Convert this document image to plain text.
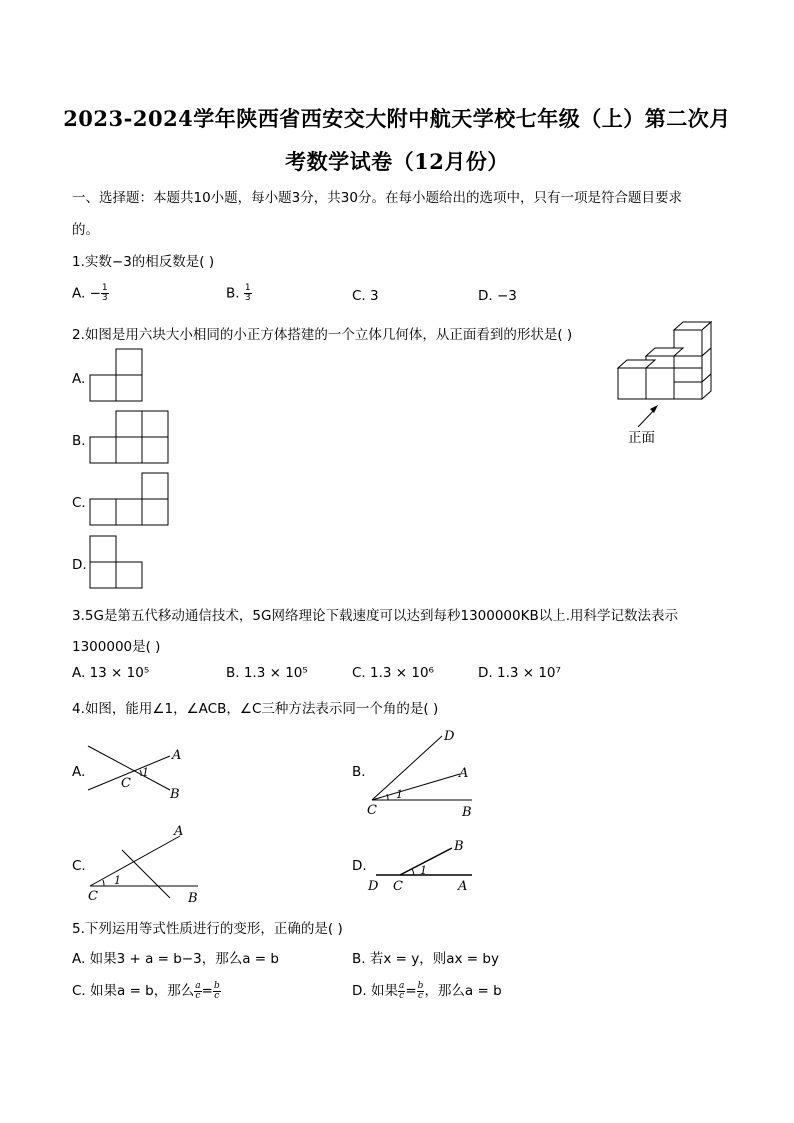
2023-2024学年陕西省西安交大附中航天学校七年级（上）第二次月
考数学试卷（12月份）
一、选择题：本题共10小题，每小题3分，共30分。在每小题给出的选项中，只有一项是符合题目要求
的。
1.实数−3的相反数是( )
A. − $\frac{1}{3}$	B. $\frac{1}{3}$	C. 3	D. −3
2.如图是用六块大小相同的小正方体搭建的一个立体几何体，从正面看到的形状是( )
A.
B.
C.
D.
正面
3.5G是第五代移动通信技术，5G网络理论下载速度可以达到每秒1300000KB以上.用科学记数法表示
1300000是( )
A. 13 × 10⁵	B. 1.3 × 10⁵	C. 1.3 × 10⁶	D. 1.3 × 10⁷
4.如图，能用∠1，∠ACB，∠C三种方法表示同一个角的是( )
A.
A
B
C
1	B.
D
A
B
C
1
C.
A
B
C
1
D.
B
A
C
D
1
5.下列运用等式性质进行的变形，正确的是( )
A. 如果3 + a = b−3，那么a = b	B. 若x = y，则ax = by
C. 如果a = b，那么 $\frac{a}{c} = \frac{b}{c}$	D. 如果 $\frac{a}{c} = \frac{b}{c}$ ，那么a = b
